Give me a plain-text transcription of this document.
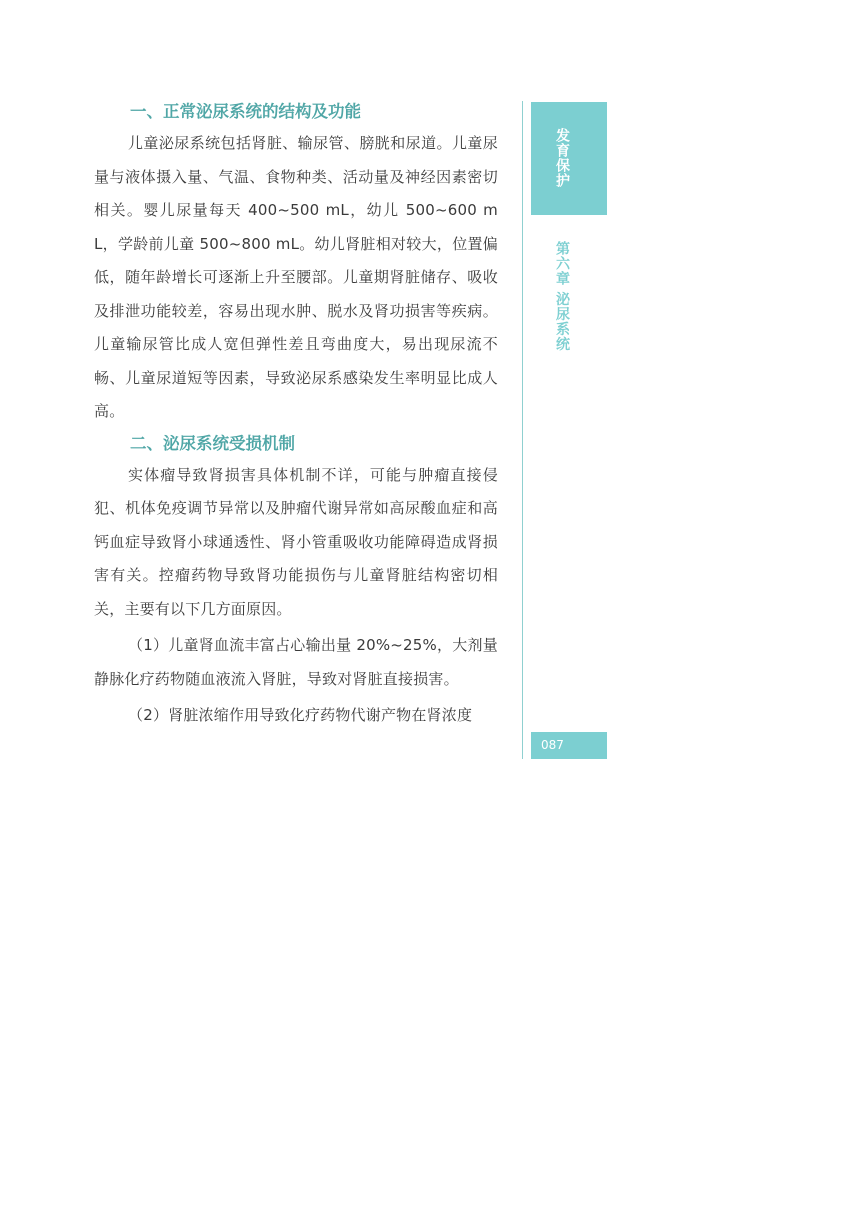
一、正常泌尿系统的结构及功能

儿童泌尿系统包括肾脏、输尿管、膀胱和尿道。儿童尿量与液体摄入量、气温、食物种类、活动量及神经因素密切相关。婴儿尿量每天 400~500 mL，幼儿 500~600 mL，学龄前儿童 500~800 mL。幼儿肾脏相对较大，位置偏低，随年龄增长可逐渐上升至腰部。儿童期肾脏储存、吸收及排泄功能较差，容易出现水肿、脱水及肾功损害等疾病。儿童输尿管比成人宽但弹性差且弯曲度大，易出现尿流不畅、儿童尿道短等因素，导致泌尿系感染发生率明显比成人高。

二、泌尿系统受损机制

实体瘤导致肾损害具体机制不详，可能与肿瘤直接侵犯、机体免疫调节异常以及肿瘤代谢异常如高尿酸血症和高钙血症导致肾小球通透性、肾小管重吸收功能障碍造成肾损害有关。控瘤药物导致肾功能损伤与儿童肾脏结构密切相关，主要有以下几方面原因。

（1）儿童肾血流丰富占心输出量 20%~25%，大剂量静脉化疗药物随血液流入肾脏，导致对肾脏直接损害。

（2）肾脏浓缩作用导致化疗药物代谢产物在肾浓度

发育保护
第六章 泌尿系统
087
